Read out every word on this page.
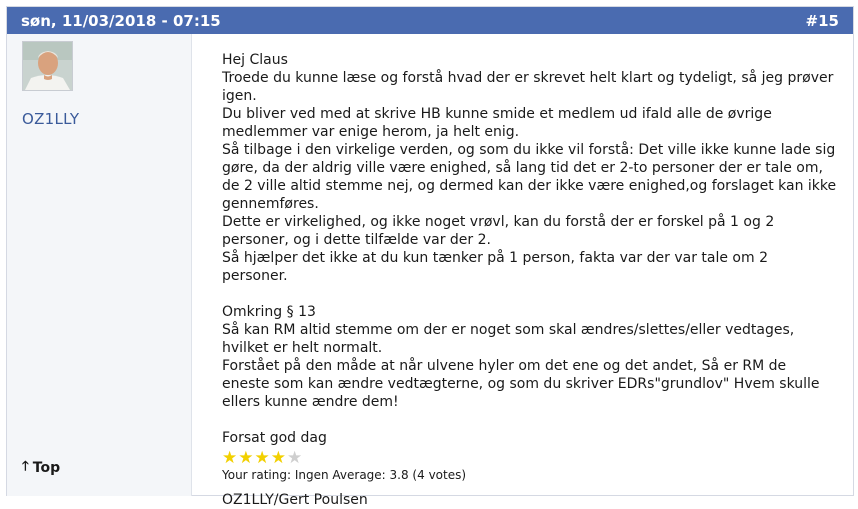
søn, 11/03/2018 - 07:15	#15
OZ1LLY
🡑 Top

Hej Claus

Troede du kunne læse og forstå hvad der er skrevet helt klart og tydeligt, så jeg prøver igen.

Du bliver ved med at skrive HB kunne smide et medlem ud ifald alle de øvrige medlemmer var enige herom, ja helt enig.

Så tilbage i den virkelige verden, og som du ikke vil forstå: Det ville ikke kunne lade sig gøre, da der aldrig ville være enighed, så lang tid det er 2-to personer der er tale om, de 2 ville altid stemme nej, og dermed kan der ikke være enighed,og forslaget kan ikke gennemføres.

Dette er virkelighed, og ikke noget vrøvl, kan du forstå der er forskel på 1 og 2 personer, og i dette tilfælde var der 2.

Så hjælper det ikke at du kun tænker på 1 person, fakta var der var tale om 2 personer.

Omkring § 13

Så kan RM altid stemme om der er noget som skal ændres/slettes/eller vedtages, hvilket er helt normalt.

Forstået på den måde at når ulvene hyler om det ene og det andet, Så er RM de eneste som kan ændre vedtægterne, og som du skriver EDRs"grundlov" Hvem skulle ellers kunne ændre dem!

Forsat god dag

★ ★ ★ ★ ★
Your rating: Ingen Average: 3.8 (4 votes)
OZ1LLY/Gert Poulsen
